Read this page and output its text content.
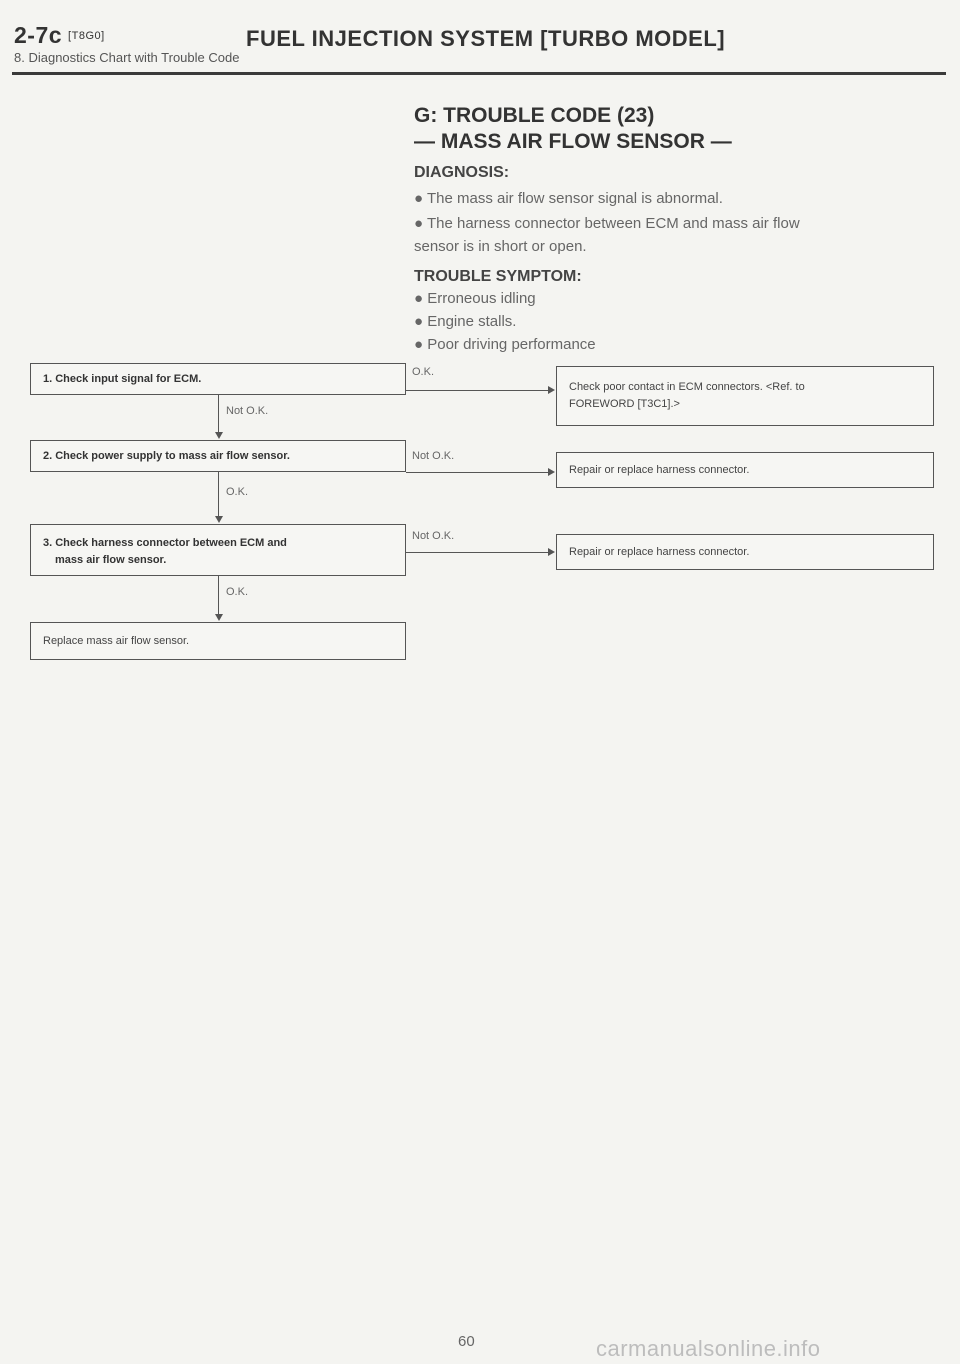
2-7c [T8G0]	FUEL INJECTION SYSTEM [TURBO MODEL]
8. Diagnostics Chart with Trouble Code
G: TROUBLE CODE (23)
— MASS AIR FLOW SENSOR —
DIAGNOSIS:
● The mass air flow sensor signal is abnormal.
● The harness connector between ECM and mass air flow
sensor is in short or open.
TROUBLE SYMPTOM:
● Erroneous idling
● Engine stalls.
● Poor driving performance
1. Check input signal for ECM.
2. Check power supply to mass air flow sensor.
3. Check harness connector between ECM and
mass air flow sensor.
Replace mass air flow sensor.
Check poor contact in ECM connectors. <Ref. to
FOREWORD [T3C1].>
Repair or replace harness connector.
Repair or replace harness connector.
Not O.K.
O.K.
O.K.
O.K.
Not O.K.
Not O.K.
60	carmanualsonline.info
